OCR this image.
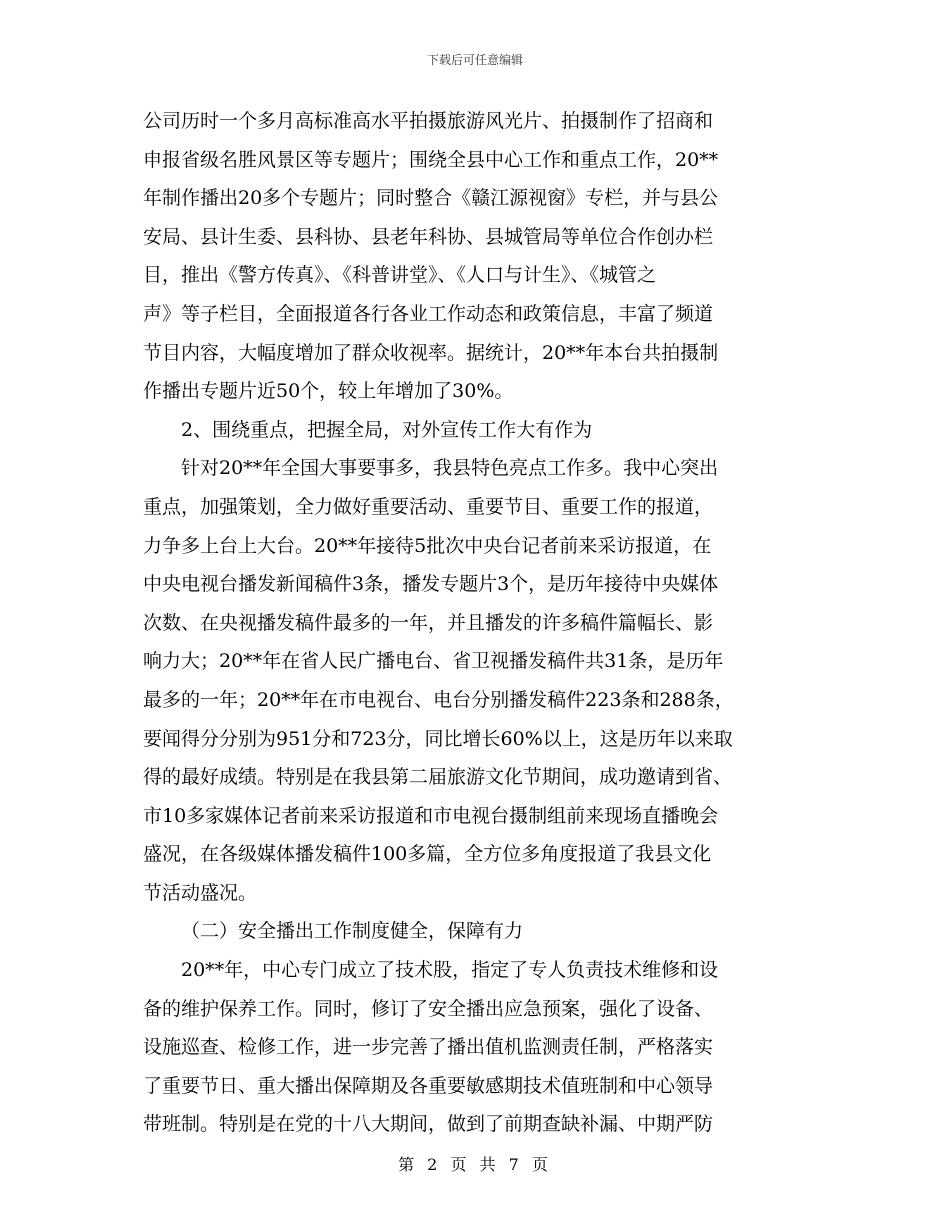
下载后可任意编辑
公司历时一个多月高标准高水平拍摄旅游风光片、拍摄制作了招商和
申报省级名胜风景区等专题片；围绕全县中心工作和重点工作，20**
年制作播出20多个专题片；同时整合《赣江源视窗》专栏，并与县公
安局、县计生委、县科协、县老年科协、县城管局等单位合作创办栏
目，推出《警方传真》、《科普讲堂》、《人口与计生》、《城管之
声》等子栏目，全面报道各行各业工作动态和政策信息，丰富了频道
节目内容，大幅度增加了群众收视率。据统计，20**年本台共拍摄制
作播出专题片近50个，较上年增加了30%。
2、围绕重点，把握全局，对外宣传工作大有作为
针对20**年全国大事要事多，我县特色亮点工作多。我中心突出
重点，加强策划，全力做好重要活动、重要节目、重要工作的报道，
力争多上台上大台。20**年接待5批次中央台记者前来采访报道，在
中央电视台播发新闻稿件3条，播发专题片3个，是历年接待中央媒体
次数、在央视播发稿件最多的一年，并且播发的许多稿件篇幅长、影
响力大；20**年在省人民广播电台、省卫视播发稿件共31条，是历年
最多的一年；20**年在市电视台、电台分别播发稿件223条和288条，
要闻得分分别为951分和723分，同比增长60%以上，这是历年以来取
得的最好成绩。特别是在我县第二届旅游文化节期间，成功邀请到省、
市10多家媒体记者前来采访报道和市电视台摄制组前来现场直播晚会
盛况，在各级媒体播发稿件100多篇，全方位多角度报道了我县文化
节活动盛况。
（二）安全播出工作制度健全，保障有力
20**年，中心专门成立了技术股，指定了专人负责技术维修和设
备的维护保养工作。同时，修订了安全播出应急预案，强化了设备、
设施巡查、检修工作，进一步完善了播出值机监测责任制，严格落实
了重要节日、重大播出保障期及各重要敏感期技术值班制和中心领导
带班制。特别是在党的十八大期间，做到了前期查缺补漏、中期严防
第 2 页 共 7 页
